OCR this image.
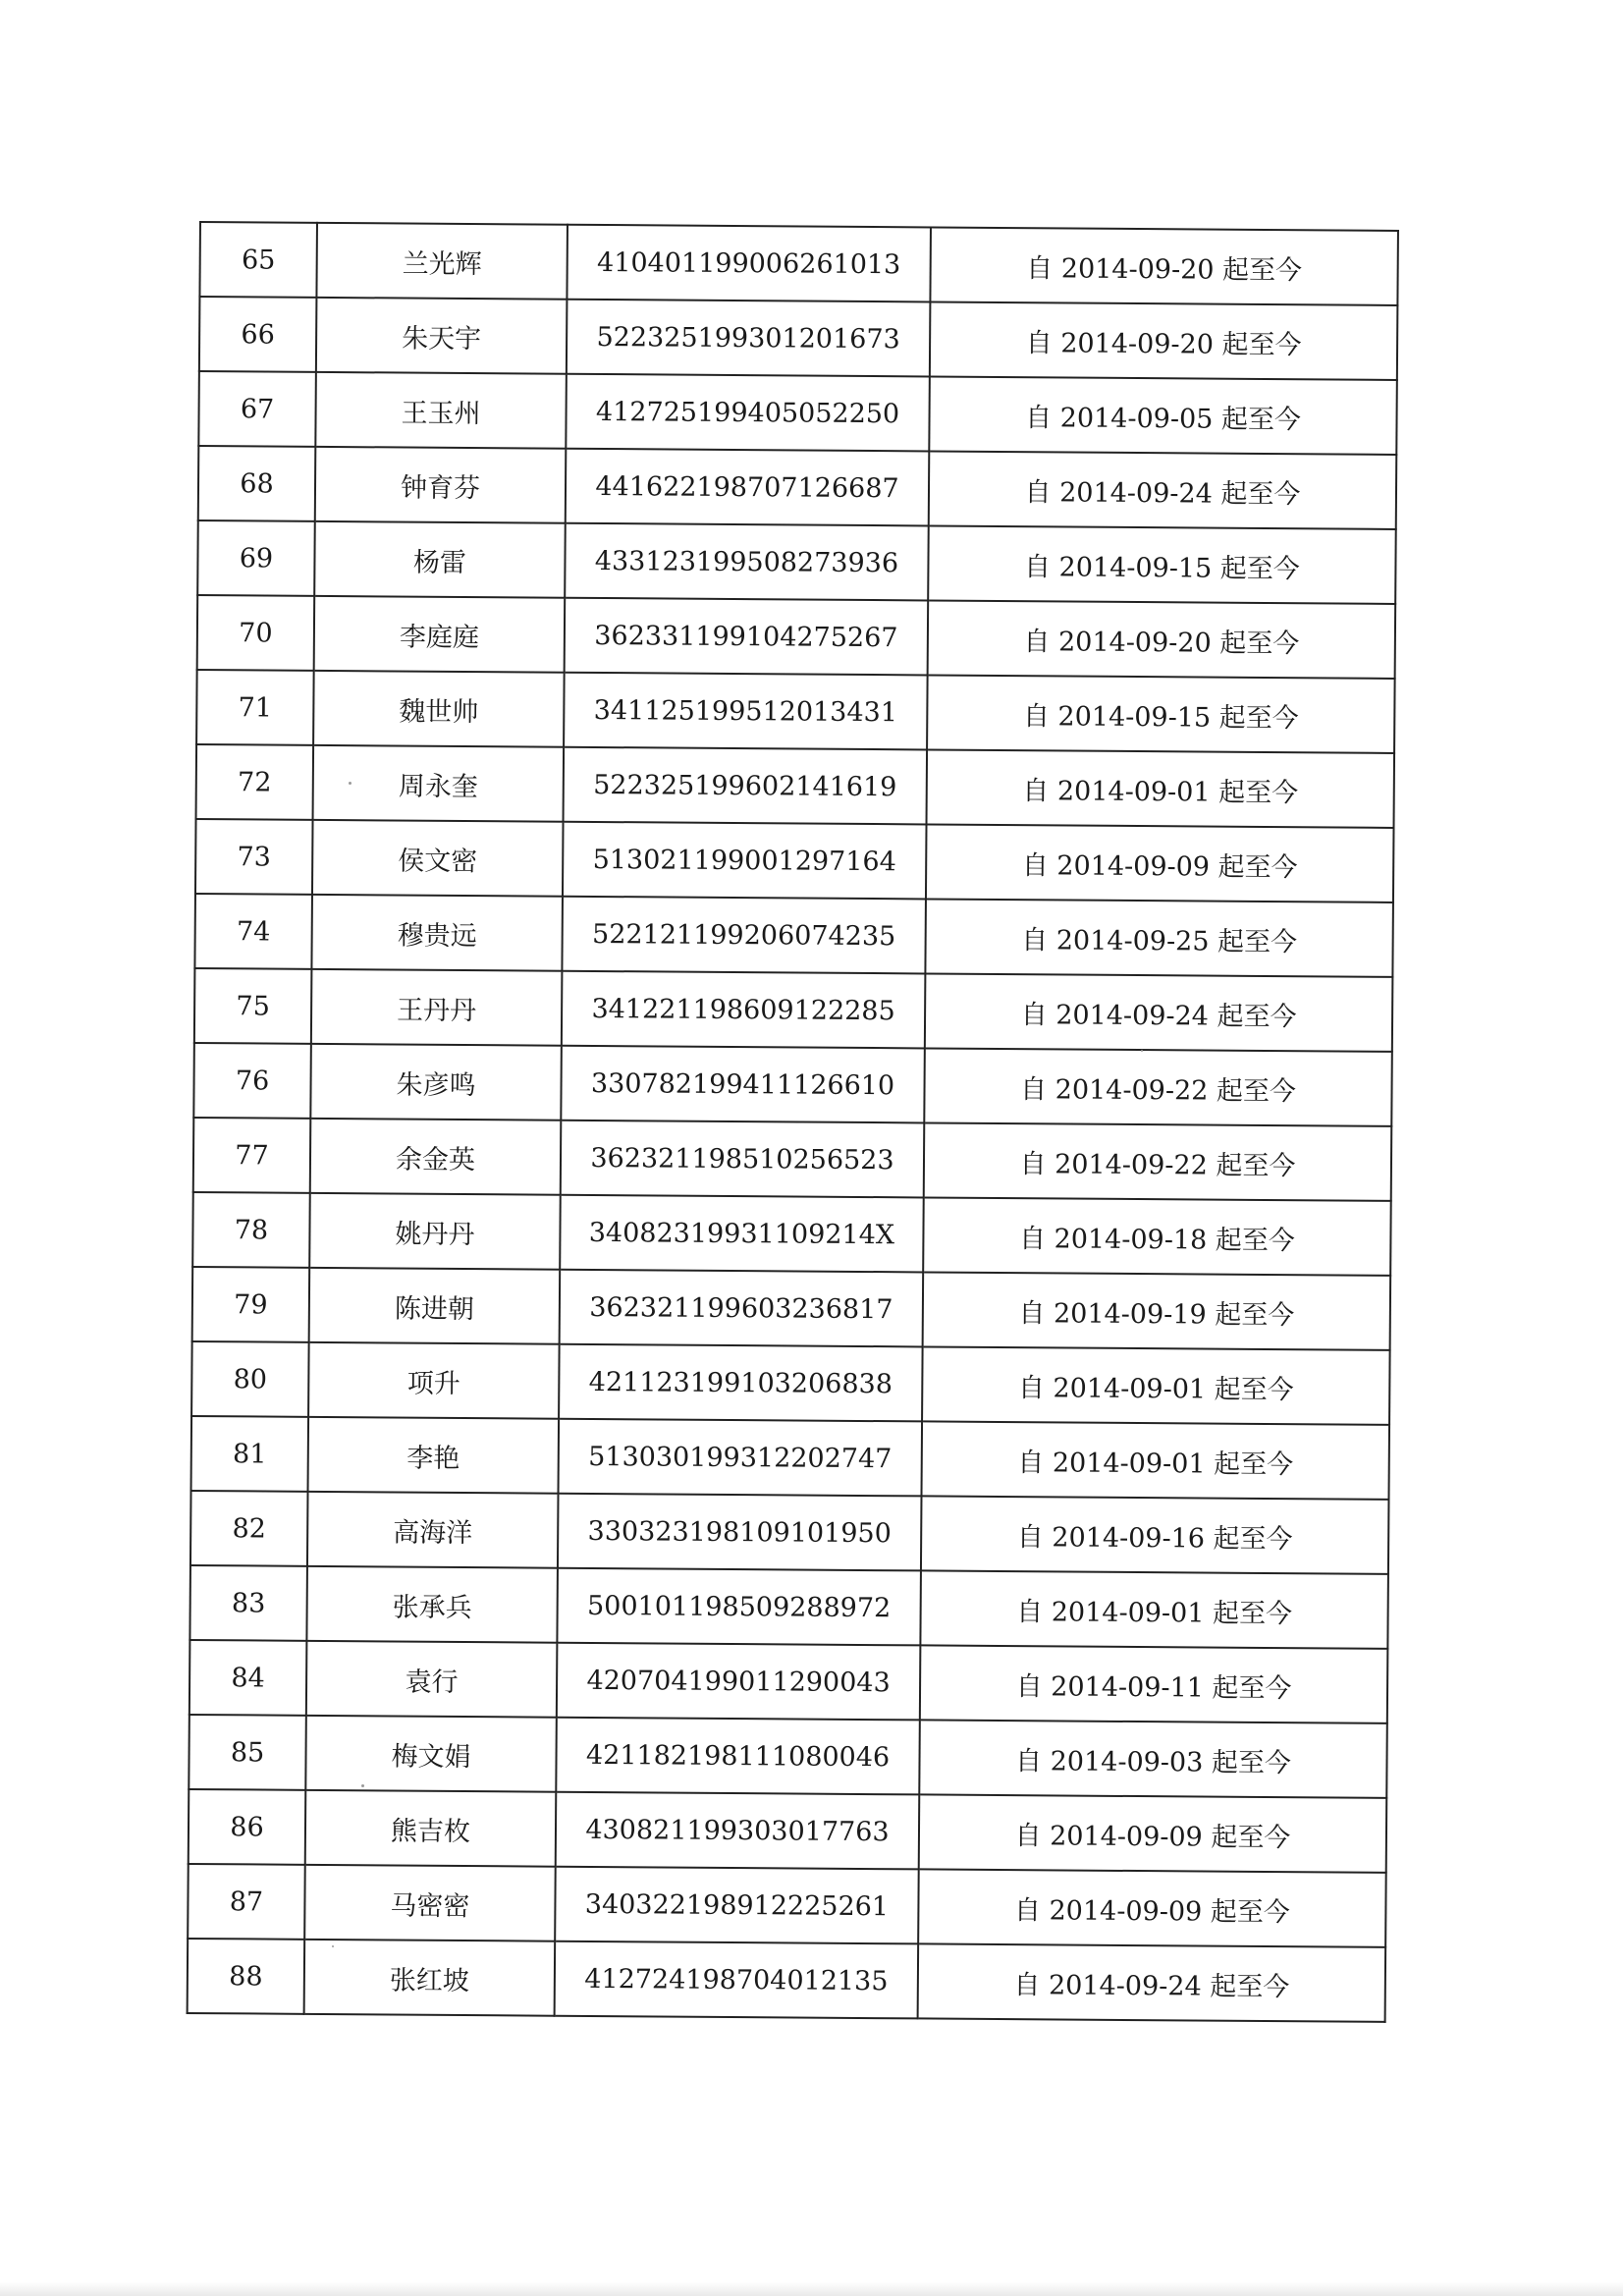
65	兰光辉	410401199006261013	自 2014-09-20 起至今
66	朱天宇	522325199301201673	自 2014-09-20 起至今
67	王玉州	412725199405052250	自 2014-09-05 起至今
68	钟育芬	441622198707126687	自 2014-09-24 起至今
69	杨雷	433123199508273936	自 2014-09-15 起至今
70	李庭庭	362331199104275267	自 2014-09-20 起至今
71	魏世帅	341125199512013431	自 2014-09-15 起至今
72	周永奎	522325199602141619	自 2014-09-01 起至今
73	侯文密	513021199001297164	自 2014-09-09 起至今
74	穆贵远	522121199206074235	自 2014-09-25 起至今
75	王丹丹	341221198609122285	自 2014-09-24 起至今
76	朱彦鸣	330782199411126610	自 2014-09-22 起至今
77	余金英	362321198510256523	自 2014-09-22 起至今
78	姚丹丹	34082319931109214X	自 2014-09-18 起至今
79	陈进朝	362321199603236817	自 2014-09-19 起至今
80	项升	421123199103206838	自 2014-09-01 起至今
81	李艳	513030199312202747	自 2014-09-01 起至今
82	高海洋	330323198109101950	自 2014-09-16 起至今
83	张承兵	500101198509288972	自 2014-09-01 起至今
84	袁行	420704199011290043	自 2014-09-11 起至今
85	梅文娟	421182198111080046	自 2014-09-03 起至今
86	熊吉枚	430821199303017763	自 2014-09-09 起至今
87	马密密	340322198912225261	自 2014-09-09 起至今
88	张红坡	412724198704012135	自 2014-09-24 起至今
